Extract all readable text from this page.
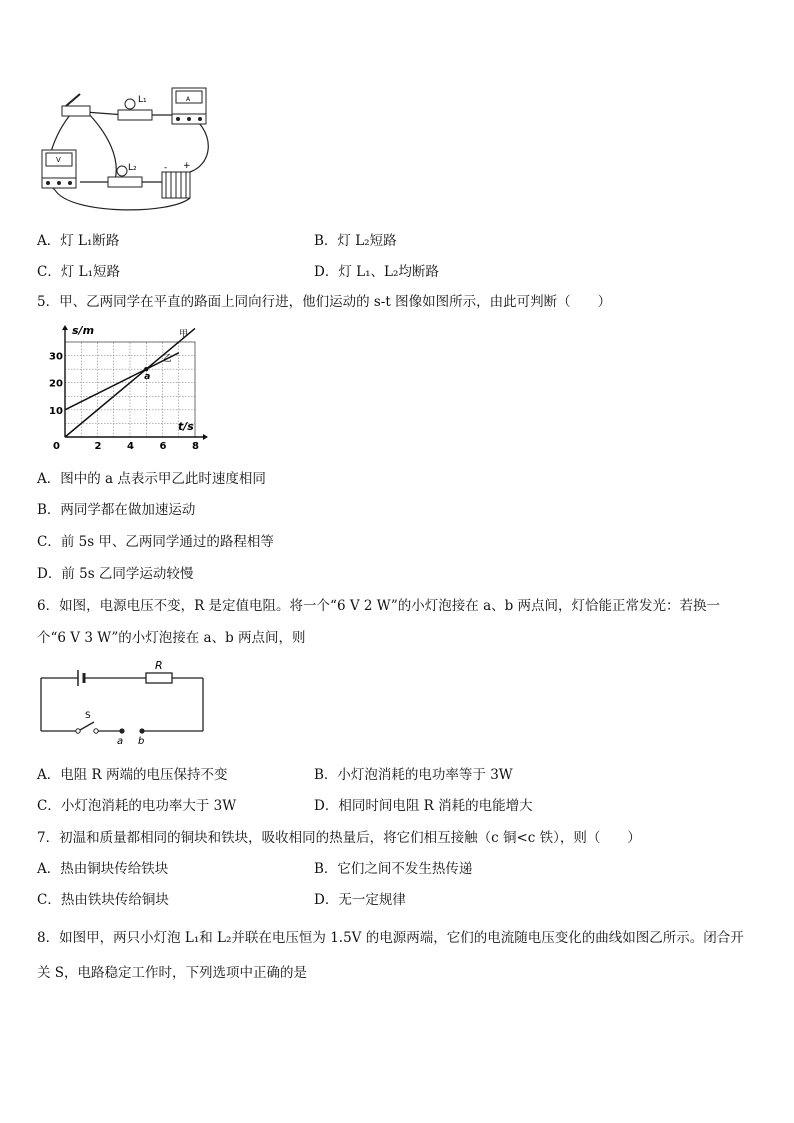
L₁	A
V
L₂	- +
A．灯 L₁断路	B．灯 L₂短路
C．灯 L₁短路	D．灯 L₁、L₂均断路
5．甲、乙两同学在平直的路面上同向行进，他们运动的 s-t 图像如图所示，由此可判断（　　）
甲
乙
a
0	2	4	6	8
10
20
30
s/m
t/s
A．图中的 a 点表示甲乙此时速度相同
B．两同学都在做加速运动
C．前 5s 甲、乙两同学通过的路程相等
D．前 5s 乙同学运动较慢
6．如图，电源电压不变，R 是定值电阻。将一个“6 V 2 W”的小灯泡接在 a、b 两点间，灯恰能正常发光：若换一
个“6 V 3 W”的小灯泡接在 a、b 两点间，则
R
S
a b
A．电阻 R 两端的电压保持不变	B．小灯泡消耗的电功率等于 3W
C．小灯泡消耗的电功率大于 3W	D．相同时间电阻 R 消耗的电能增大
7．初温和质量都相同的铜块和铁块，吸收相同的热量后，将它们相互接触（c 铜<c 铁），则（　　）
A．热由铜块传给铁块	B．它们之间不发生热传递
C．热由铁块传给铜块	D．无一定规律
8．如图甲，两只小灯泡 L₁和 L₂并联在电压恒为 1.5V 的电源两端，它们的电流随电压变化的曲线如图乙所示。闭合开
关 S，电路稳定工作时，下列选项中正确的是
